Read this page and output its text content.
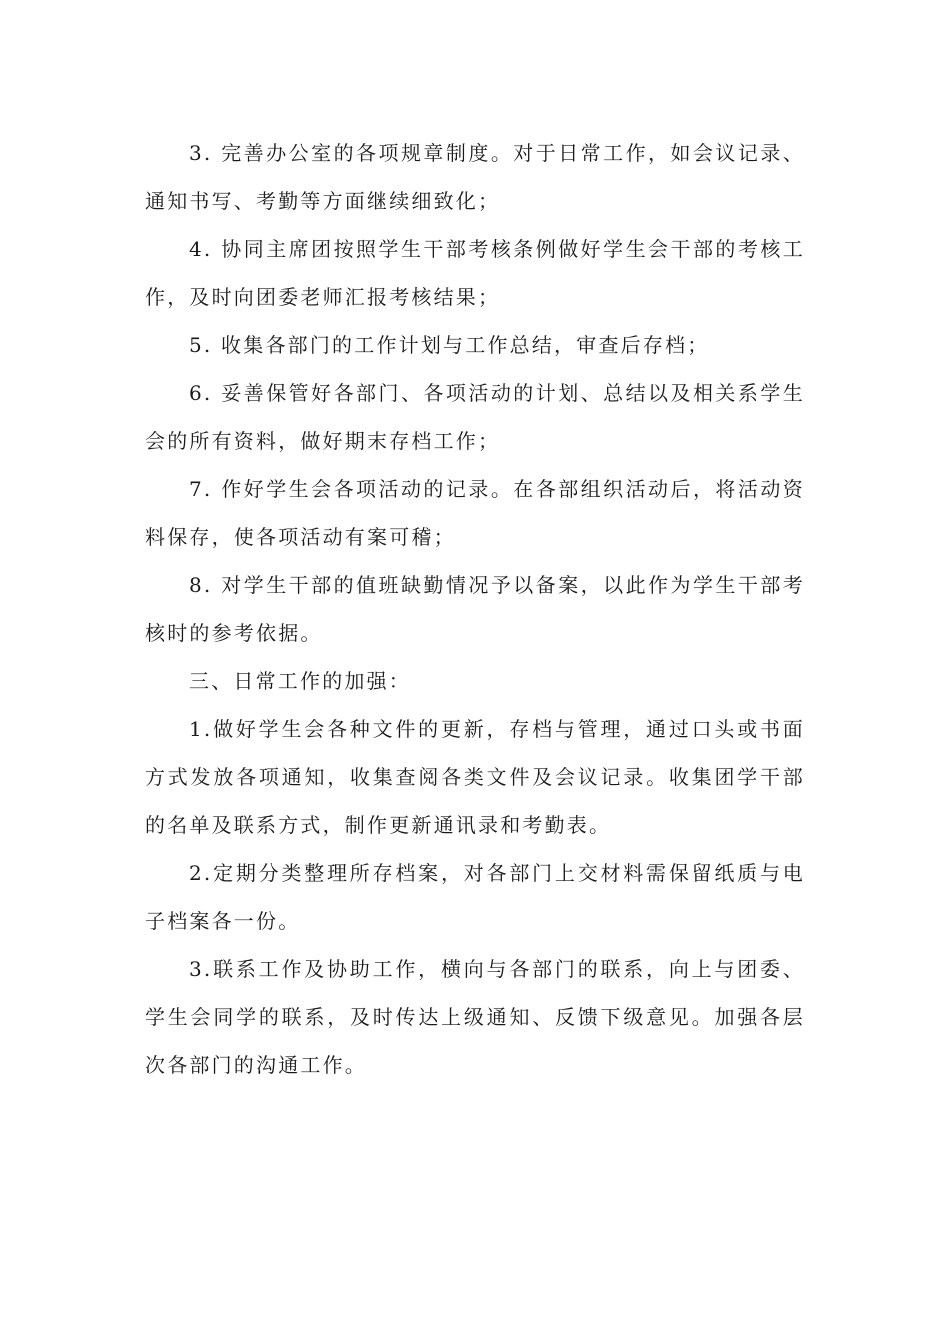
3. 完善办公室的各项规章制度。对于日常工作，如会议记录、通知书写、考勤等方面继续细致化；

4. 协同主席团按照学生干部考核条例做好学生会干部的考核工作，及时向团委老师汇报考核结果；

5. 收集各部门的工作计划与工作总结，审查后存档；

6. 妥善保管好各部门、各项活动的计划、总结以及相关系学生会的所有资料，做好期末存档工作；

7. 作好学生会各项活动的记录。在各部组织活动后，将活动资料保存，使各项活动有案可稽；

8. 对学生干部的值班缺勤情况予以备案，以此作为学生干部考核时的参考依据。

三、日常工作的加强：

1.做好学生会各种文件的更新，存档与管理，通过口头或书面方式发放各项通知，收集查阅各类文件及会议记录。收集团学干部的名单及联系方式，制作更新通讯录和考勤表。

2.定期分类整理所存档案，对各部门上交材料需保留纸质与电子档案各一份。

3.联系工作及协助工作，横向与各部门的联系，向上与团委、学生会同学的联系，及时传达上级通知、反馈下级意见。加强各层次各部门的沟通工作。
